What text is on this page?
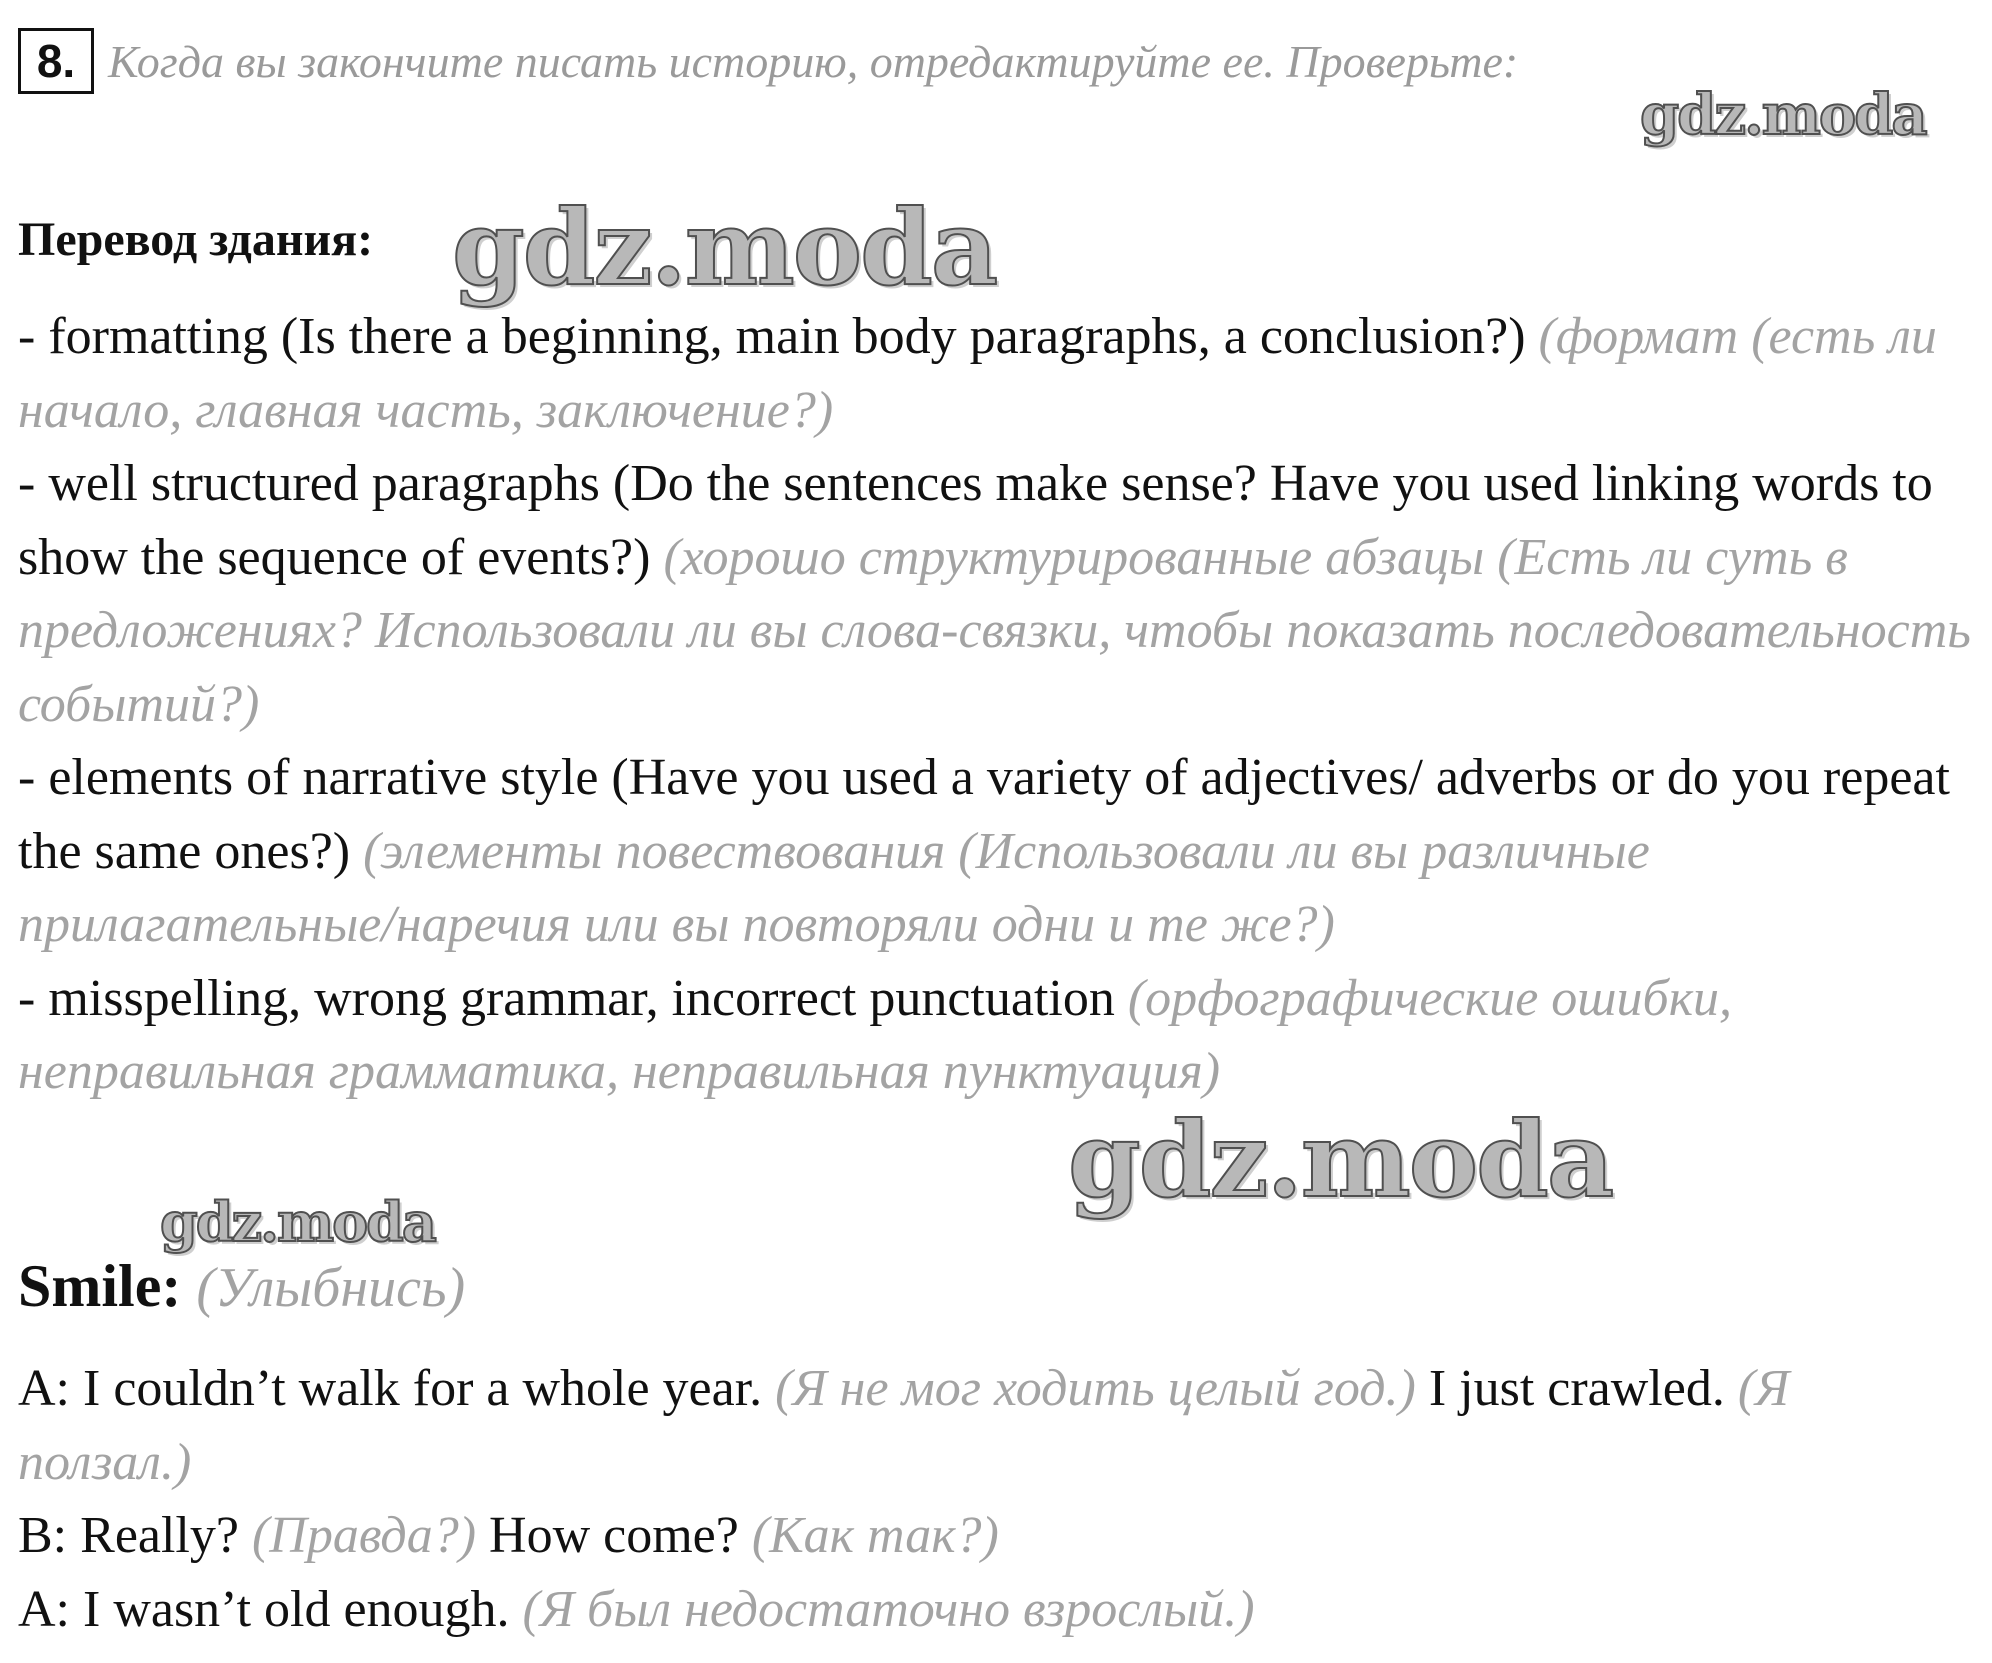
8. Когда вы закончите писать историю, отредактируйте ее. Проверьте:
Перевод здания:

- formatting (Is there a beginning, main body paragraphs, a conclusion?) (формат (есть ли начало, главная часть, заключение?)

- well structured paragraphs (Do the sentences make sense? Have you used linking words to show the sequence of events?) (хорошо структурированные абзацы (Есть ли суть в предложениях? Использовали ли вы слова-связки, чтобы показать последовательность событий?)

- elements of narrative style (Have you used a variety of adjectives/ adverbs or do you repeat the same ones?) (элементы повествования (Использовали ли вы различные прилагательные/наречия или вы повторяли одни и те же?)

- misspelling, wrong grammar, incorrect punctuation (орфографические ошибки, неправильная грамматика, неправильная пунктуация)

Smile: (Улыбнись)

A: I couldn’t walk for a whole year. (Я не мог ходить целый год.) I just crawled. (Я ползал.)

B: Really? (Правда?) How come? (Как так?)

A: I wasn’t old enough. (Я был недостаточно взрослый.)

gdz.moda
gdz.moda
gdz.moda
gdz.moda
